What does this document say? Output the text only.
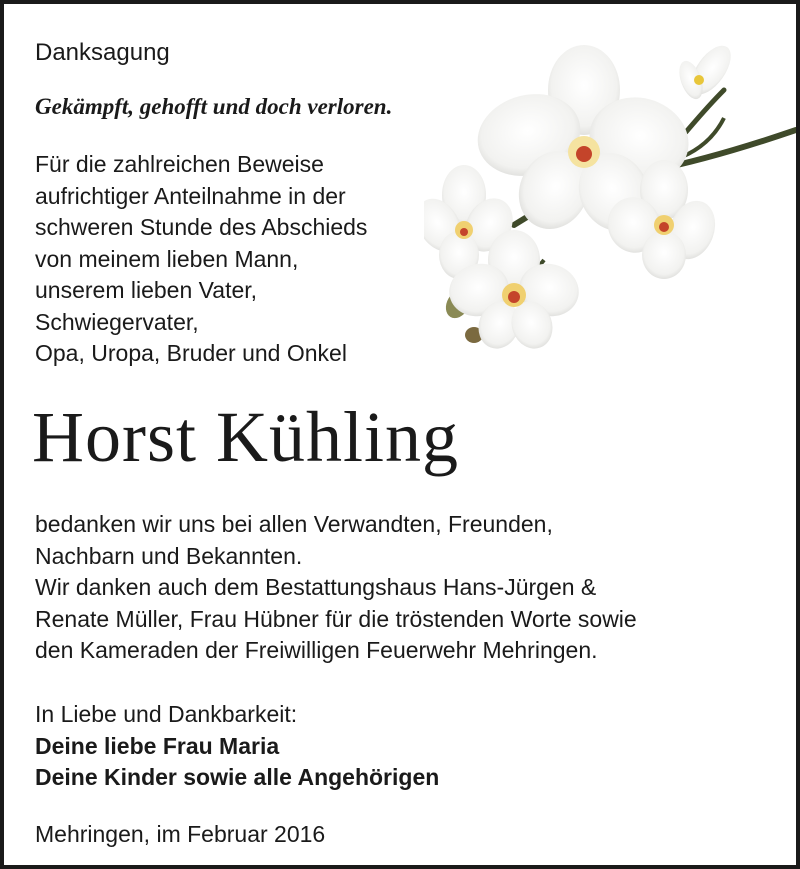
Danksagung
Gekämpft, gehofft und doch verloren.
Für die zahlreichen Beweise
aufrichtiger Anteilnahme in der
schweren Stunde des Abschieds
von meinem lieben Mann,
unserem lieben Vater,
Schwiegervater,
Opa, Uropa, Bruder und Onkel
Horst Kühling
bedanken wir uns bei allen Verwandten, Freunden,
Nachbarn und Bekannten.
Wir danken auch dem Bestattungshaus Hans-Jürgen &
Renate Müller, Frau Hübner für die tröstenden Worte sowie
den Kameraden der Freiwilligen Feuerwehr Mehringen.
In Liebe und Dankbarkeit:
Deine liebe Frau Maria
Deine Kinder sowie alle Angehörigen
Mehringen, im Februar 2016
